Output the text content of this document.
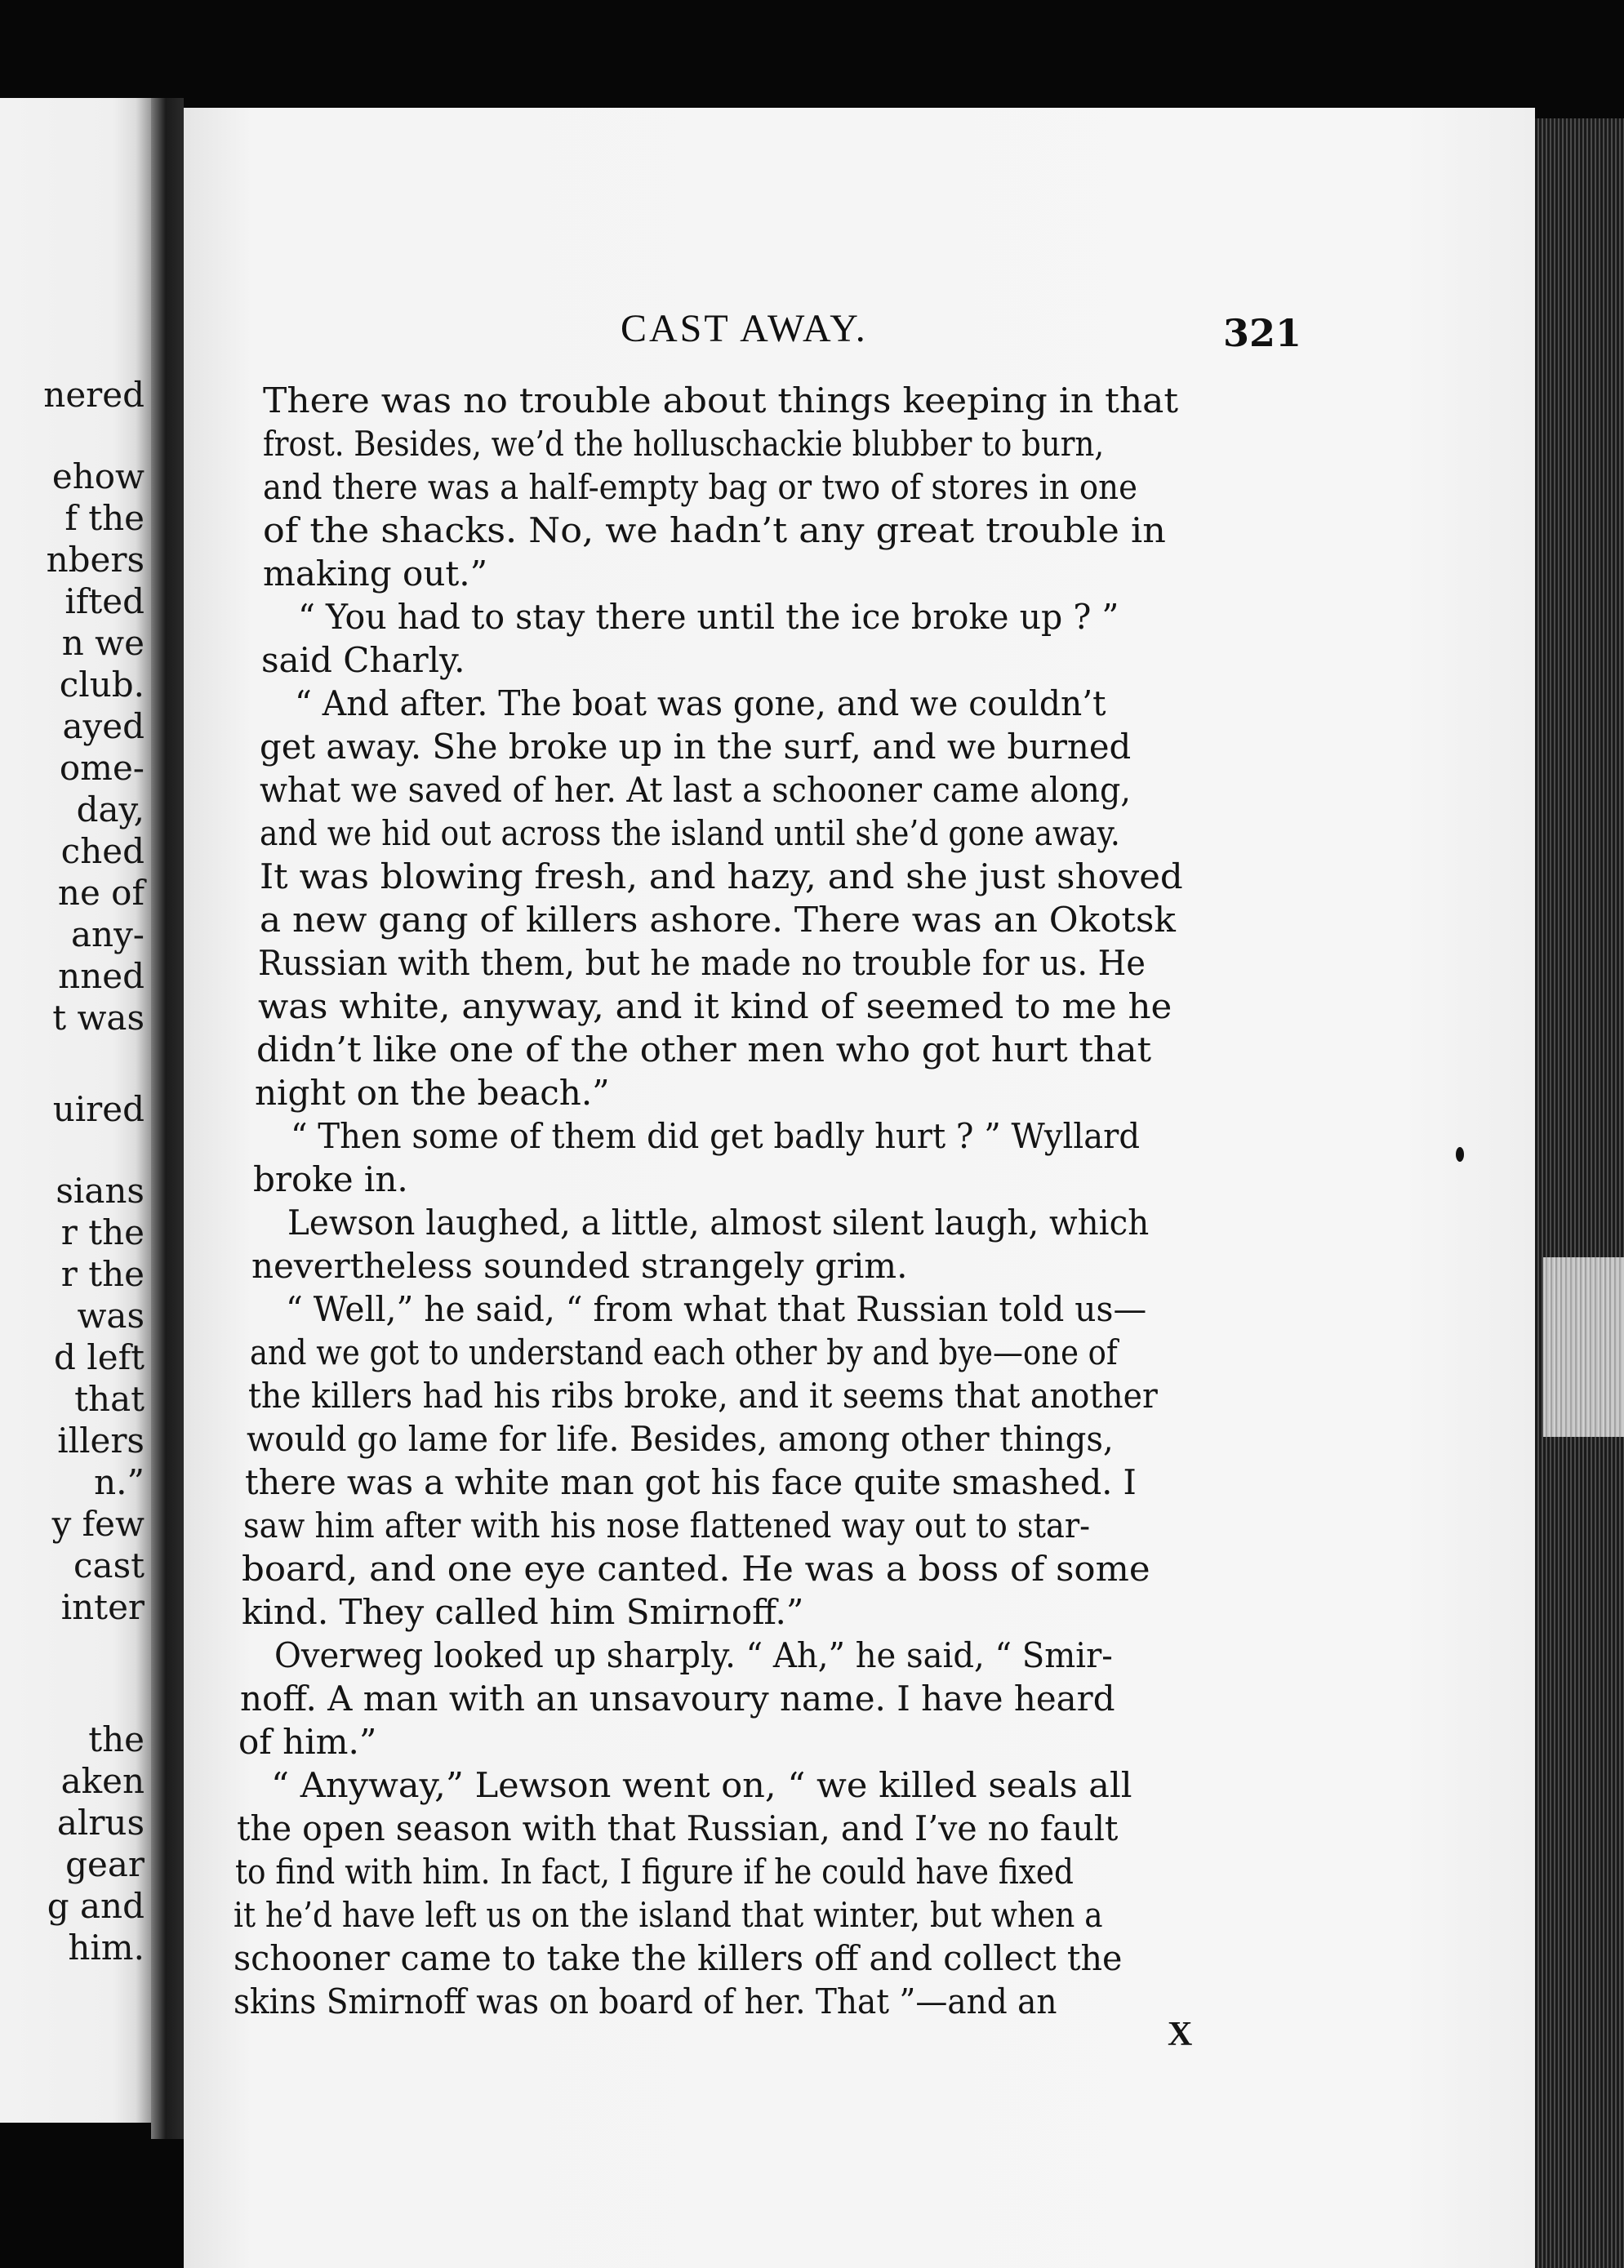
nered
ehow
f the
nbers
ifted
n we
club.
ayed
ome-
day,
ched
ne of
any-
nned
t was
uired
sians
r the
r the
was
d left
that
illers
n.”
y few
cast
inter
the
aken
alrus
gear
g and
him.
CAST AWAY.	321
There was no trouble about things keeping in that
frost. Besides, we’d the holluschackie blubber to burn,
and there was a half-empty bag or two of stores in one
of the shacks. No, we hadn’t any great trouble in
making out.”
“ You had to stay there until the ice broke up ? ”
said Charly.
“ And after. The boat was gone, and we couldn’t
get away. She broke up in the surf, and we burned
what we saved of her. At last a schooner came along,
and we hid out across the island until she’d gone away.
It was blowing fresh, and hazy, and she just shoved
a new gang of killers ashore. There was an Okotsk
Russian with them, but he made no trouble for us. He
was white, anyway, and it kind of seemed to me he
didn’t like one of the other men who got hurt that
night on the beach.”
“ Then some of them did get badly hurt ? ” Wyllard
broke in.
Lewson laughed, a little, almost silent laugh, which
nevertheless sounded strangely grim.
“ Well,” he said, “ from what that Russian told us—
and we got to understand each other by and bye—one of
the killers had his ribs broke, and it seems that another
would go lame for life. Besides, among other things,
there was a white man got his face quite smashed. I
saw him after with his nose flattened way out to star-
board, and one eye canted. He was a boss of some
kind. They called him Smirnoff.”
Overweg looked up sharply. “ Ah,” he said, “ Smir-
noff. A man with an unsavoury name. I have heard
of him.”
“ Anyway,” Lewson went on, “ we killed seals all
the open season with that Russian, and I’ve no fault
to find with him. In fact, I figure if he could have fixed
it he’d have left us on the island that winter, but when a
schooner came to take the killers off and collect the
skins Smirnoff was on board of her. That ”—and an
X
